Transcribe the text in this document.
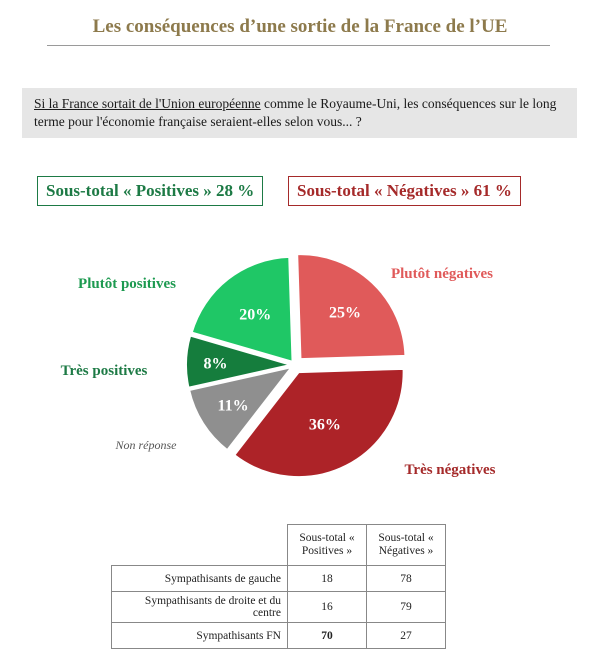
Les conséquences d’une sortie de la France de l’UE
Si la France sortait de l'Union européenne comme le Royaume-Uni, les conséquences sur le long terme pour l'économie française seraient-elles selon vous... ?
Sous-total « Positives » 28 %	Sous-total « Négatives » 61 %
25%
Plutôt négatives
36%
Très négatives
11%
Non réponse
8%
Très positives
20%
Plutôt positives
	Sous-total « Positives »	Sous-total « Négatives »
Sympathisants de gauche	18	78
Sympathisants de droite et du centre	16	79
Sympathisants FN	70	27
